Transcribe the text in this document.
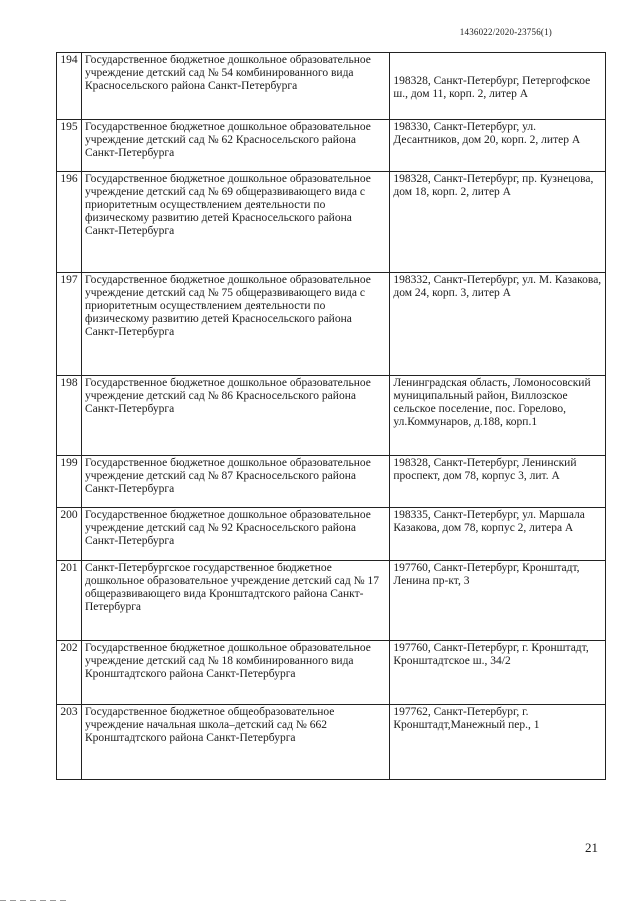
1436022/2020-23756(1)
194	Государственное бюджетное дошкольное образовательное учреждение детский сад № 54 комбинированного вида Красносельского района Санкт-Петербурга	198328, Санкт-Петербург, Петергофское ш., дом 11, корп. 2, литер А
195	Государственное бюджетное дошкольное образовательное учреждение детский сад № 62 Красносельского района Санкт-Петербурга	198330, Санкт-Петербург, ул. Десантников, дом 20, корп. 2, литер А
196	Государственное бюджетное дошкольное образовательное учреждение детский сад № 69 общеразвивающего вида с приоритетным осуществлением деятельности по физическому развитию детей Красносельского района Санкт-Петербурга	198328, Санкт-Петербург, пр. Кузнецова, дом 18, корп. 2, литер А
197	Государственное бюджетное дошкольное образовательное учреждение детский сад № 75 общеразвивающего вида с приоритетным осуществлением деятельности по физическому развитию детей Красносельского района Санкт-Петербурга	198332, Санкт-Петербург, ул. М. Казакова, дом 24, корп. 3, литер А
198	Государственное бюджетное дошкольное образовательное учреждение детский сад № 86 Красносельского района Санкт-Петербурга	Ленинградская область, Ломоносовский муниципальный район, Виллозское сельское поселение, пос. Горелово, ул.Коммунаров, д.188, корп.1
199	Государственное бюджетное дошкольное образовательное учреждение детский сад № 87 Красносельского района Санкт-Петербурга	198328, Санкт-Петербург, Ленинский проспект, дом 78, корпус 3, лит. А
200	Государственное бюджетное дошкольное образовательное учреждение детский сад № 92 Красносельского района Санкт-Петербурга	198335, Санкт-Петербург, ул. Маршала Казакова, дом 78, корпус 2, литера А
201	Санкт-Петербургское государственное бюджетное дошкольное образовательное учреждение детский сад № 17 общеразвивающего вида Кронштадтского района Санкт-Петербурга	197760, Санкт-Петербург, Кронштадт, Ленина пр-кт, 3
202	Государственное бюджетное дошкольное образовательное учреждение детский сад № 18 комбинированного вида Кронштадтского района Санкт-Петербурга	197760, Санкт-Петербург, г. Кронштадт, Кронштадтское ш., 34/2
203	Государственное бюджетное общеобразовательное учреждение начальная школа–детский сад № 662 Кронштадтского района Санкт-Петербурга	197762, Санкт-Петербург, г. Кронштадт,Манежный пер., 1
21
